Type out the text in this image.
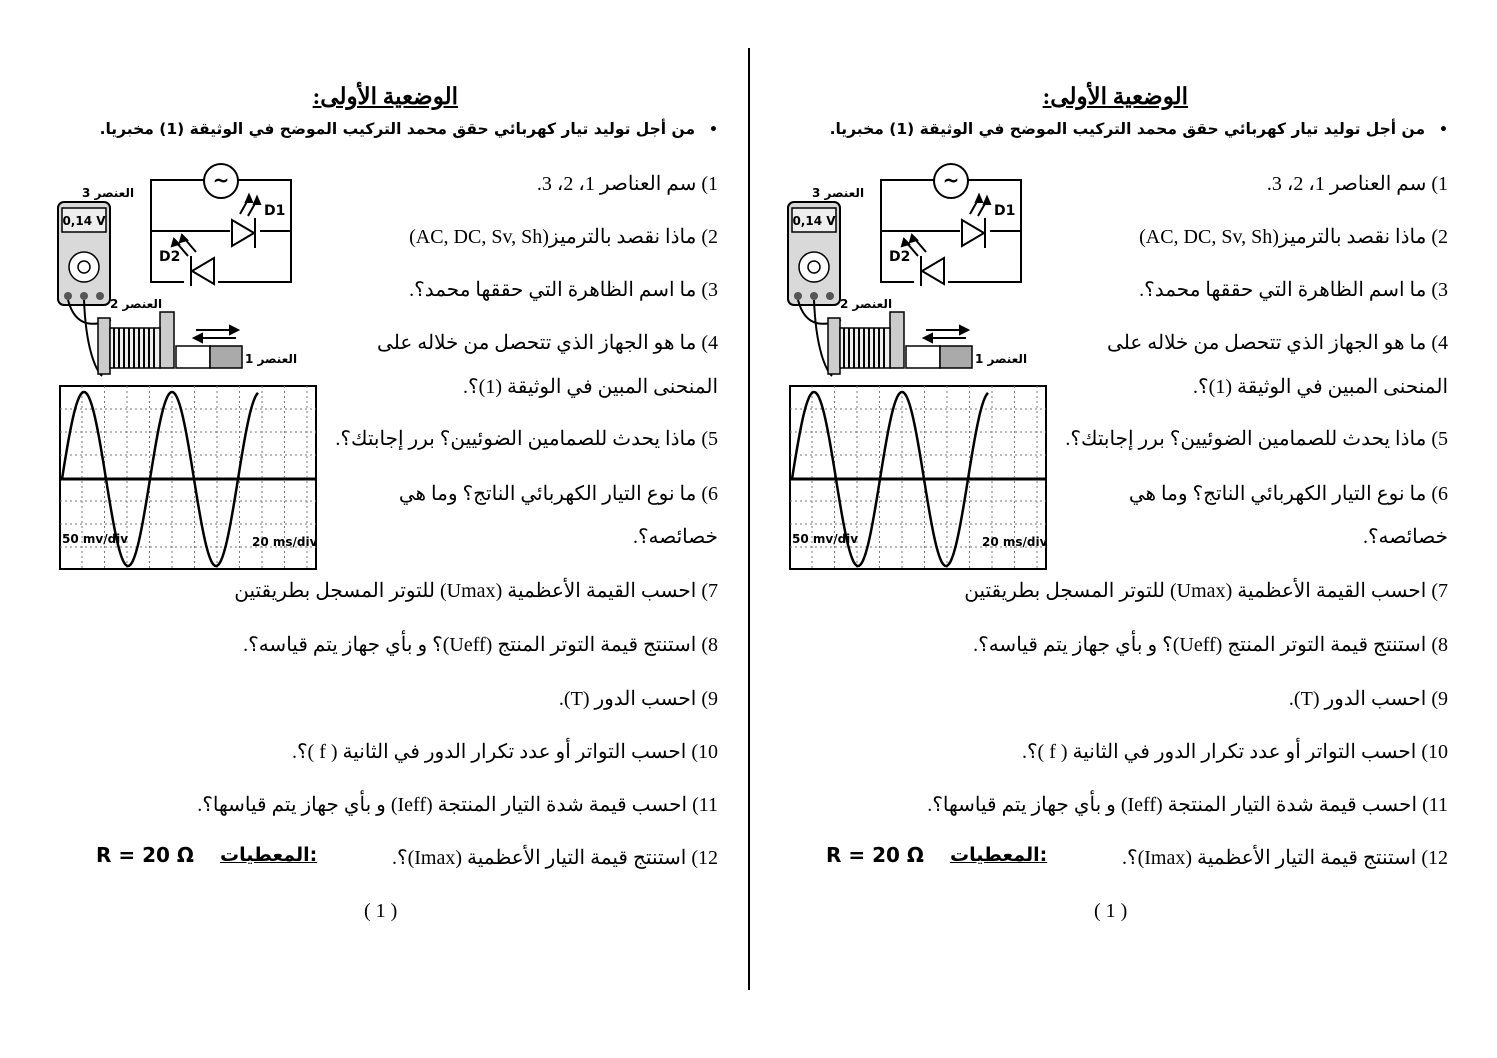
الوضعية الأولى:
•من أجل توليد تيار كهربائي حقق محمد التركيب الموضح في الوثيقة (1) مخبريا.
1) سم العناصر 1، 2، 3.
2) ماذا نقصد بالترميز(AC, DC, Sv, Sh)
3) ما اسم الظاهرة التي حققها محمد؟.
4) ما هو الجهاز الذي تتحصل من خلاله على
المنحنى المبين في الوثيقة (1)؟.
5) ماذا يحدث للصمامين الضوئيين؟ برر إجابتك؟.
6) ما نوع التيار الكهربائي الناتج؟ وما هي
خصائصه؟.
7) احسب القيمة الأعظمية (Umax) للتوتر المسجل بطريقتين
8) استنتج قيمة التوتر المنتج (Ueff)؟ و بأي جهاز يتم قياسه؟.
9) احسب الدور (T).
10) احسب التواتر أو عدد تكرار الدور في الثانية ( f )؟.
11) احسب قيمة شدة التيار المنتجة (Ieff) و بأي جهاز يتم قياسها؟.
12) استنتج قيمة التيار الأعظمية (Imax)؟.
المعطيات:
R = 20 Ω
( 1 )
~
D1
D2
العنصر 3
0,14 V
العنصر 2
العنصر 1
50 mv/div	20 ms/div
الوضعية الأولى:
•من أجل توليد تيار كهربائي حقق محمد التركيب الموضح في الوثيقة (1) مخبريا.
1) سم العناصر 1، 2، 3.
2) ماذا نقصد بالترميز(AC, DC, Sv, Sh)
3) ما اسم الظاهرة التي حققها محمد؟.
4) ما هو الجهاز الذي تتحصل من خلاله على
المنحنى المبين في الوثيقة (1)؟.
5) ماذا يحدث للصمامين الضوئيين؟ برر إجابتك؟.
6) ما نوع التيار الكهربائي الناتج؟ وما هي
خصائصه؟.
7) احسب القيمة الأعظمية (Umax) للتوتر المسجل بطريقتين
8) استنتج قيمة التوتر المنتج (Ueff)؟ و بأي جهاز يتم قياسه؟.
9) احسب الدور (T).
10) احسب التواتر أو عدد تكرار الدور في الثانية ( f )؟.
11) احسب قيمة شدة التيار المنتجة (Ieff) و بأي جهاز يتم قياسها؟.
12) استنتج قيمة التيار الأعظمية (Imax)؟.
المعطيات:
R = 20 Ω
( 1 )
~
D1
D2
العنصر 3
0,14 V
العنصر 2
العنصر 1
50 mv/div	20 ms/div
